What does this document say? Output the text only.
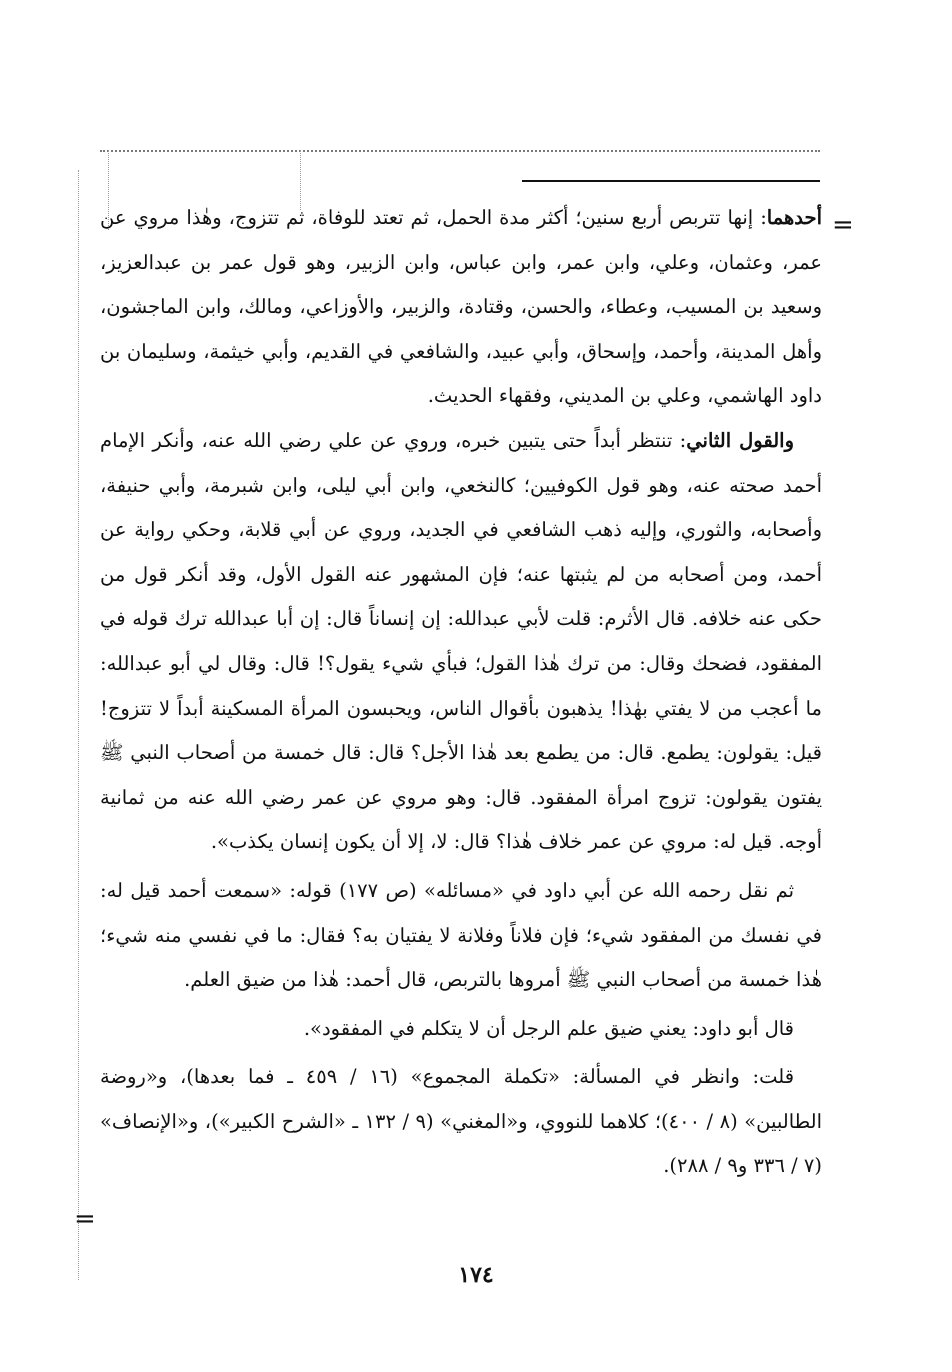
=
=

أحدهما: إنها تتربص أربع سنين؛ أكثر مدة الحمل، ثم تعتد للوفاة، ثم تتزوج، وهٰذا مروي عن عمر، وعثمان، وعلي، وابن عمر، وابن عباس، وابن الزبير، وهو قول عمر بن عبدالعزيز، وسعيد بن المسيب، وعطاء، والحسن، وقتادة، والزبير، والأوزاعي، ومالك، وابن الماجشون، وأهل المدينة، وأحمد، وإسحاق، وأبي عبيد، والشافعي في القديم، وأبي خيثمة، وسليمان بن داود الهاشمي، وعلي بن المديني، وفقهاء الحديث.

والقول الثاني: تنتظر أبداً حتى يتبين خبره، وروي عن علي رضي الله عنه، وأنكر الإمام أحمد صحته عنه، وهو قول الكوفيين؛ كالنخعي، وابن أبي ليلى، وابن شبرمة، وأبي حنيفة، وأصحابه، والثوري، وإليه ذهب الشافعي في الجديد، وروي عن أبي قلابة، وحكي رواية عن أحمد، ومن أصحابه من لم يثبتها عنه؛ فإن المشهور عنه القول الأول، وقد أنكر قول من حكى عنه خلافه. قال الأثرم: قلت لأبي عبدالله: إن إنساناً قال: إن أبا عبدالله ترك قوله في المفقود، فضحك وقال: من ترك هٰذا القول؛ فبأي شيء يقول؟! قال: وقال لي أبو عبدالله: ما أعجب من لا يفتي بهٰذا! يذهبون بأقوال الناس، ويحبسون المرأة المسكينة أبداً لا تتزوج! قيل: يقولون: يطمع. قال: من يطمع بعد هٰذا الأجل؟ قال: قال خمسة من أصحاب النبي ﷺ يفتون يقولون: تزوج امرأة المفقود. قال: وهو مروي عن عمر رضي الله عنه من ثمانية أوجه. قيل له: مروي عن عمر خلاف هٰذا؟ قال: لا، إلا أن يكون إنسان يكذب».

ثم نقل رحمه الله عن أبي داود في «مسائله» (ص ١٧٧) قوله: «سمعت أحمد قيل له: في نفسك من المفقود شيء؛ فإن فلاناً وفلانة لا يفتيان به؟ فقال: ما في نفسي منه شيء؛ هٰذا خمسة من أصحاب النبي ﷺ أمروها بالتربص، قال أحمد: هٰذا من ضيق العلم.

قال أبو داود: يعني ضيق علم الرجل أن لا يتكلم في المفقود».

قلت: وانظر في المسألة: «تكملة المجموع» (١٦ / ٤٥٩ ـ فما بعدها)، و«روضة الطالبين» (٨ / ٤٠٠)؛ كلاهما للنووي، و«المغني» (٩ / ١٣٢ ـ «الشرح الكبير»)، و«الإنصاف» (٧ / ٣٣٦ و٩ / ٢٨٨).

١٧٤
